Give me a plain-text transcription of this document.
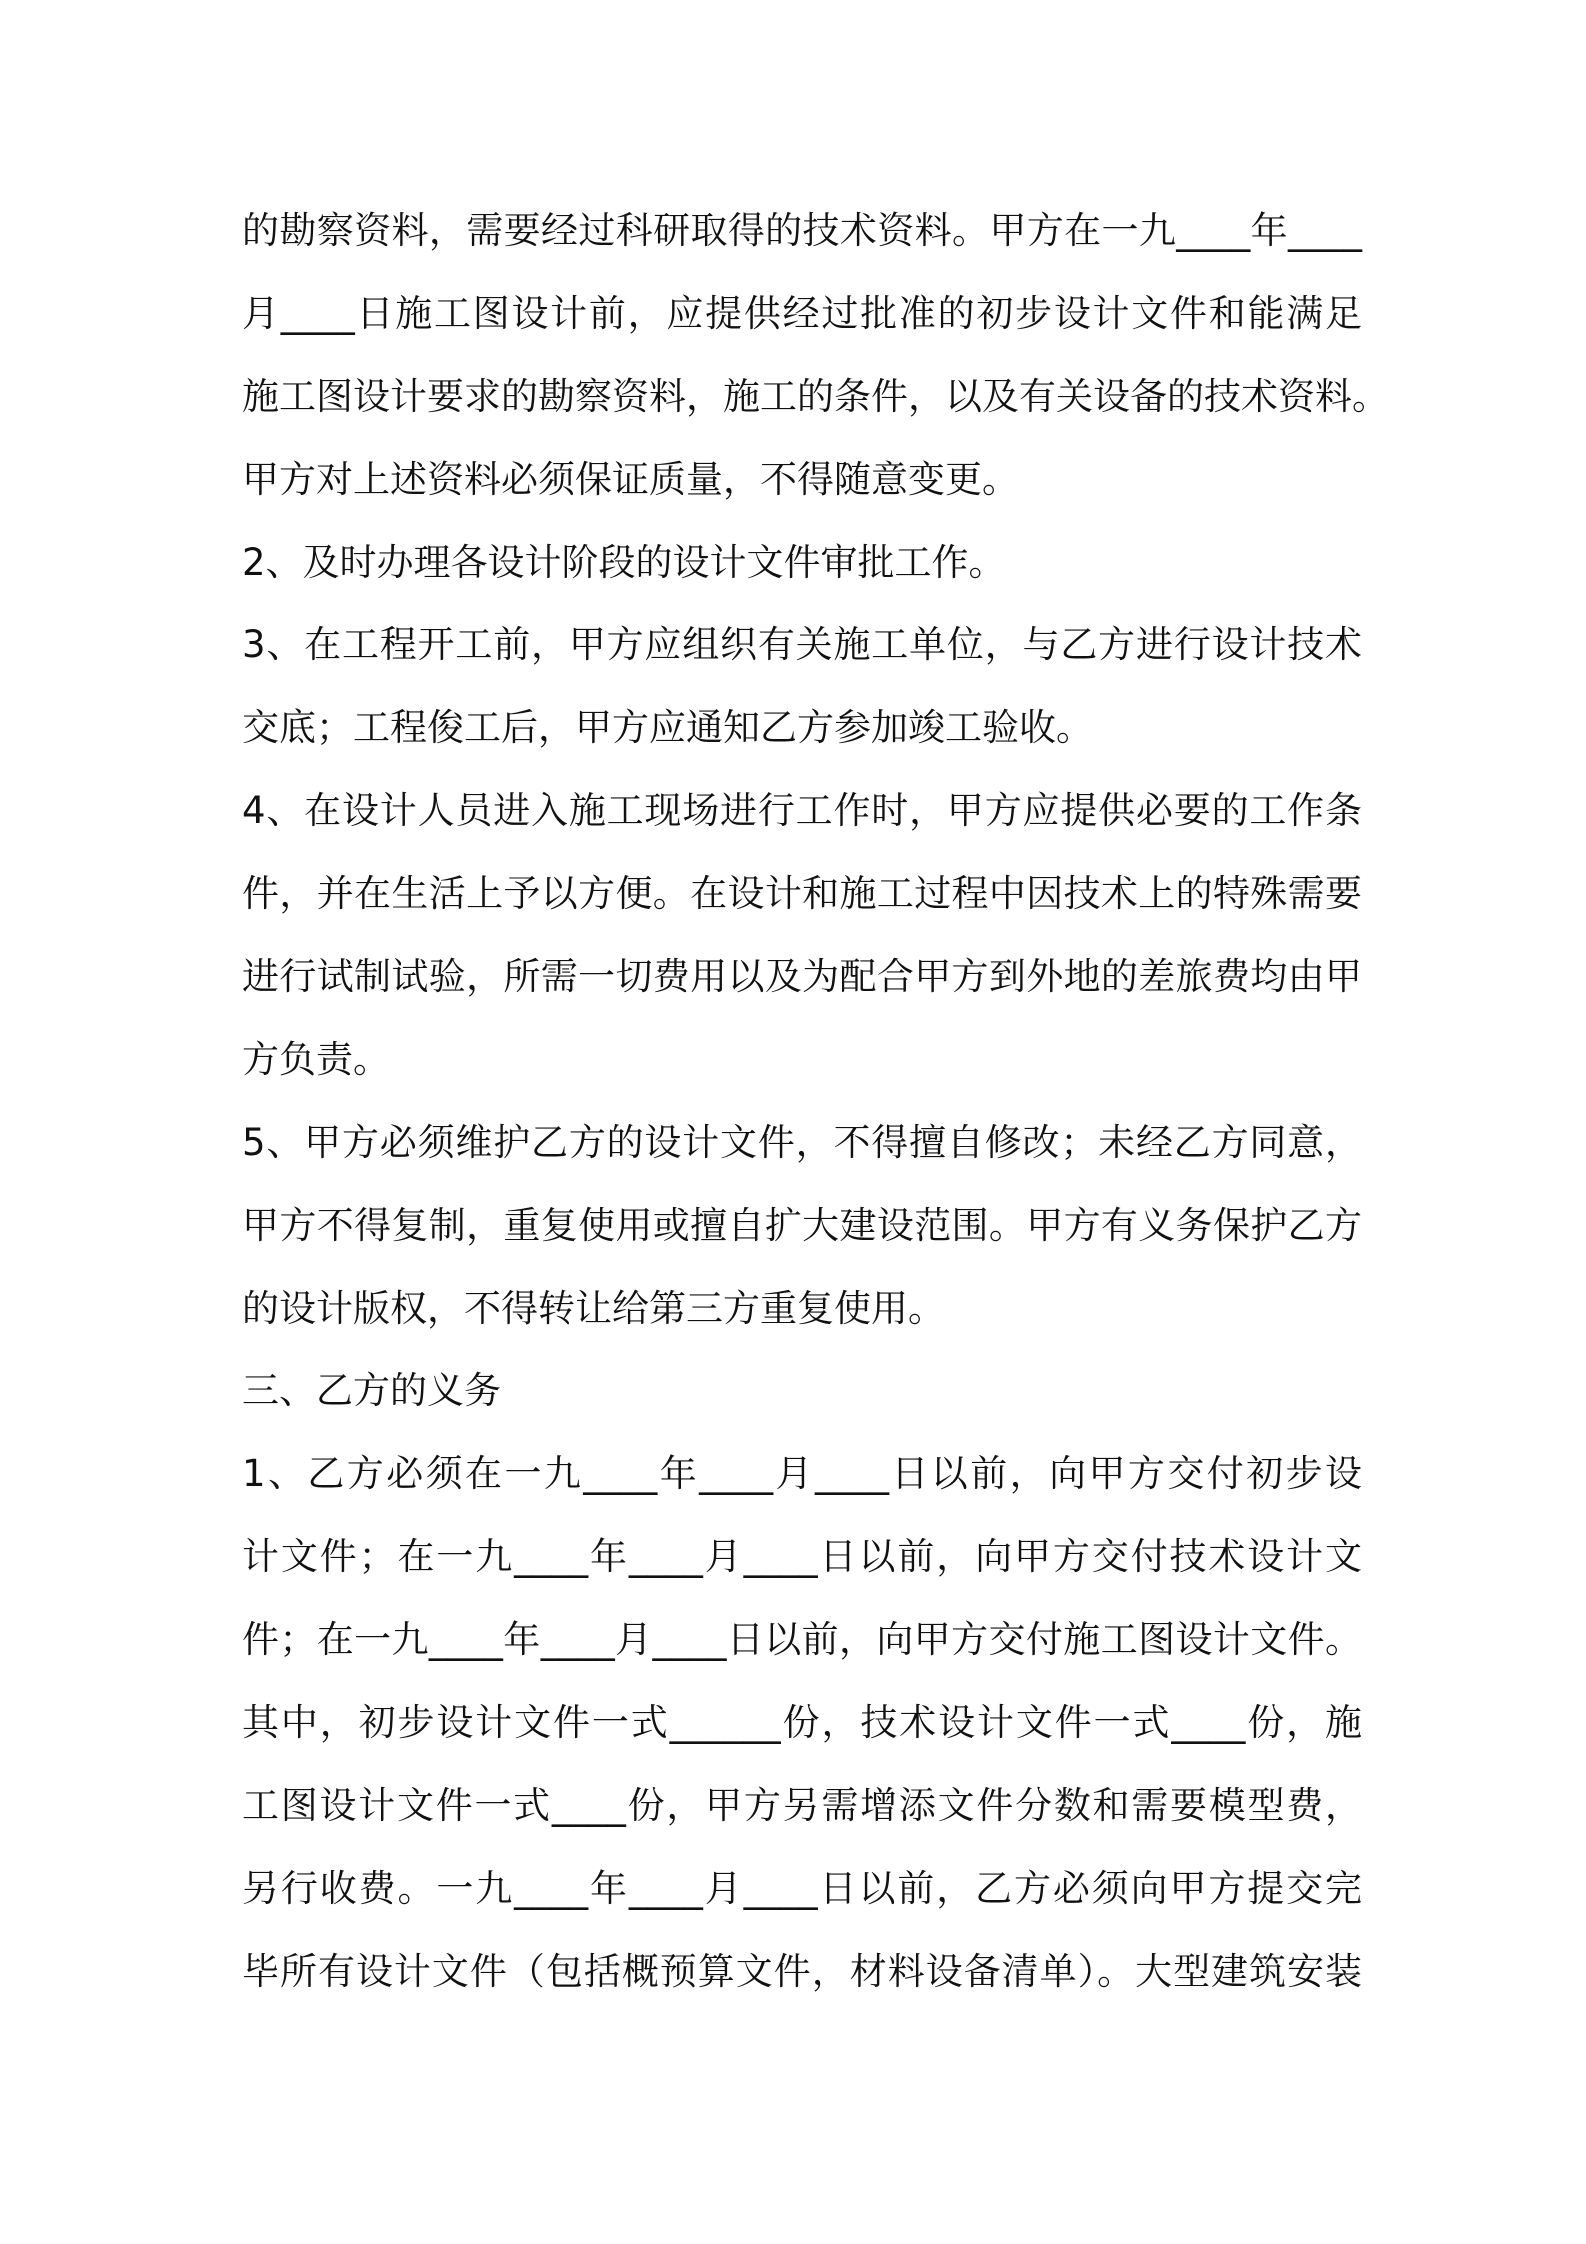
的勘察资料，需要经过科研取得的技术资料。甲方在一九____年____
月____日施工图设计前，应提供经过批准的初步设计文件和能满足
施工图设计要求的勘察资料，施工的条件，以及有关设备的技术资料。
甲方对上述资料必须保证质量，不得随意变更。
2、及时办理各设计阶段的设计文件审批工作。
3、在工程开工前，甲方应组织有关施工单位，与乙方进行设计技术
交底；工程俊工后，甲方应通知乙方参加竣工验收。
4、在设计人员进入施工现场进行工作时，甲方应提供必要的工作条
件，并在生活上予以方便。在设计和施工过程中因技术上的特殊需要
进行试制试验，所需一切费用以及为配合甲方到外地的差旅费均由甲
方负责。
5、甲方必须维护乙方的设计文件，不得擅自修改；未经乙方同意，
甲方不得复制，重复使用或擅自扩大建设范围。甲方有义务保护乙方
的设计版权，不得转让给第三方重复使用。
三、乙方的义务
1、乙方必须在一九____年____月____日以前，向甲方交付初步设
计文件；在一九____年____月____日以前，向甲方交付技术设计文
件；在一九____年____月____日以前，向甲方交付施工图设计文件。
其中，初步设计文件一式______份，技术设计文件一式____份，施
工图设计文件一式____份，甲方另需增添文件分数和需要模型费，
另行收费。一九____年____月____日以前，乙方必须向甲方提交完
毕所有设计文件（包括概预算文件，材料设备清单）。大型建筑安装
